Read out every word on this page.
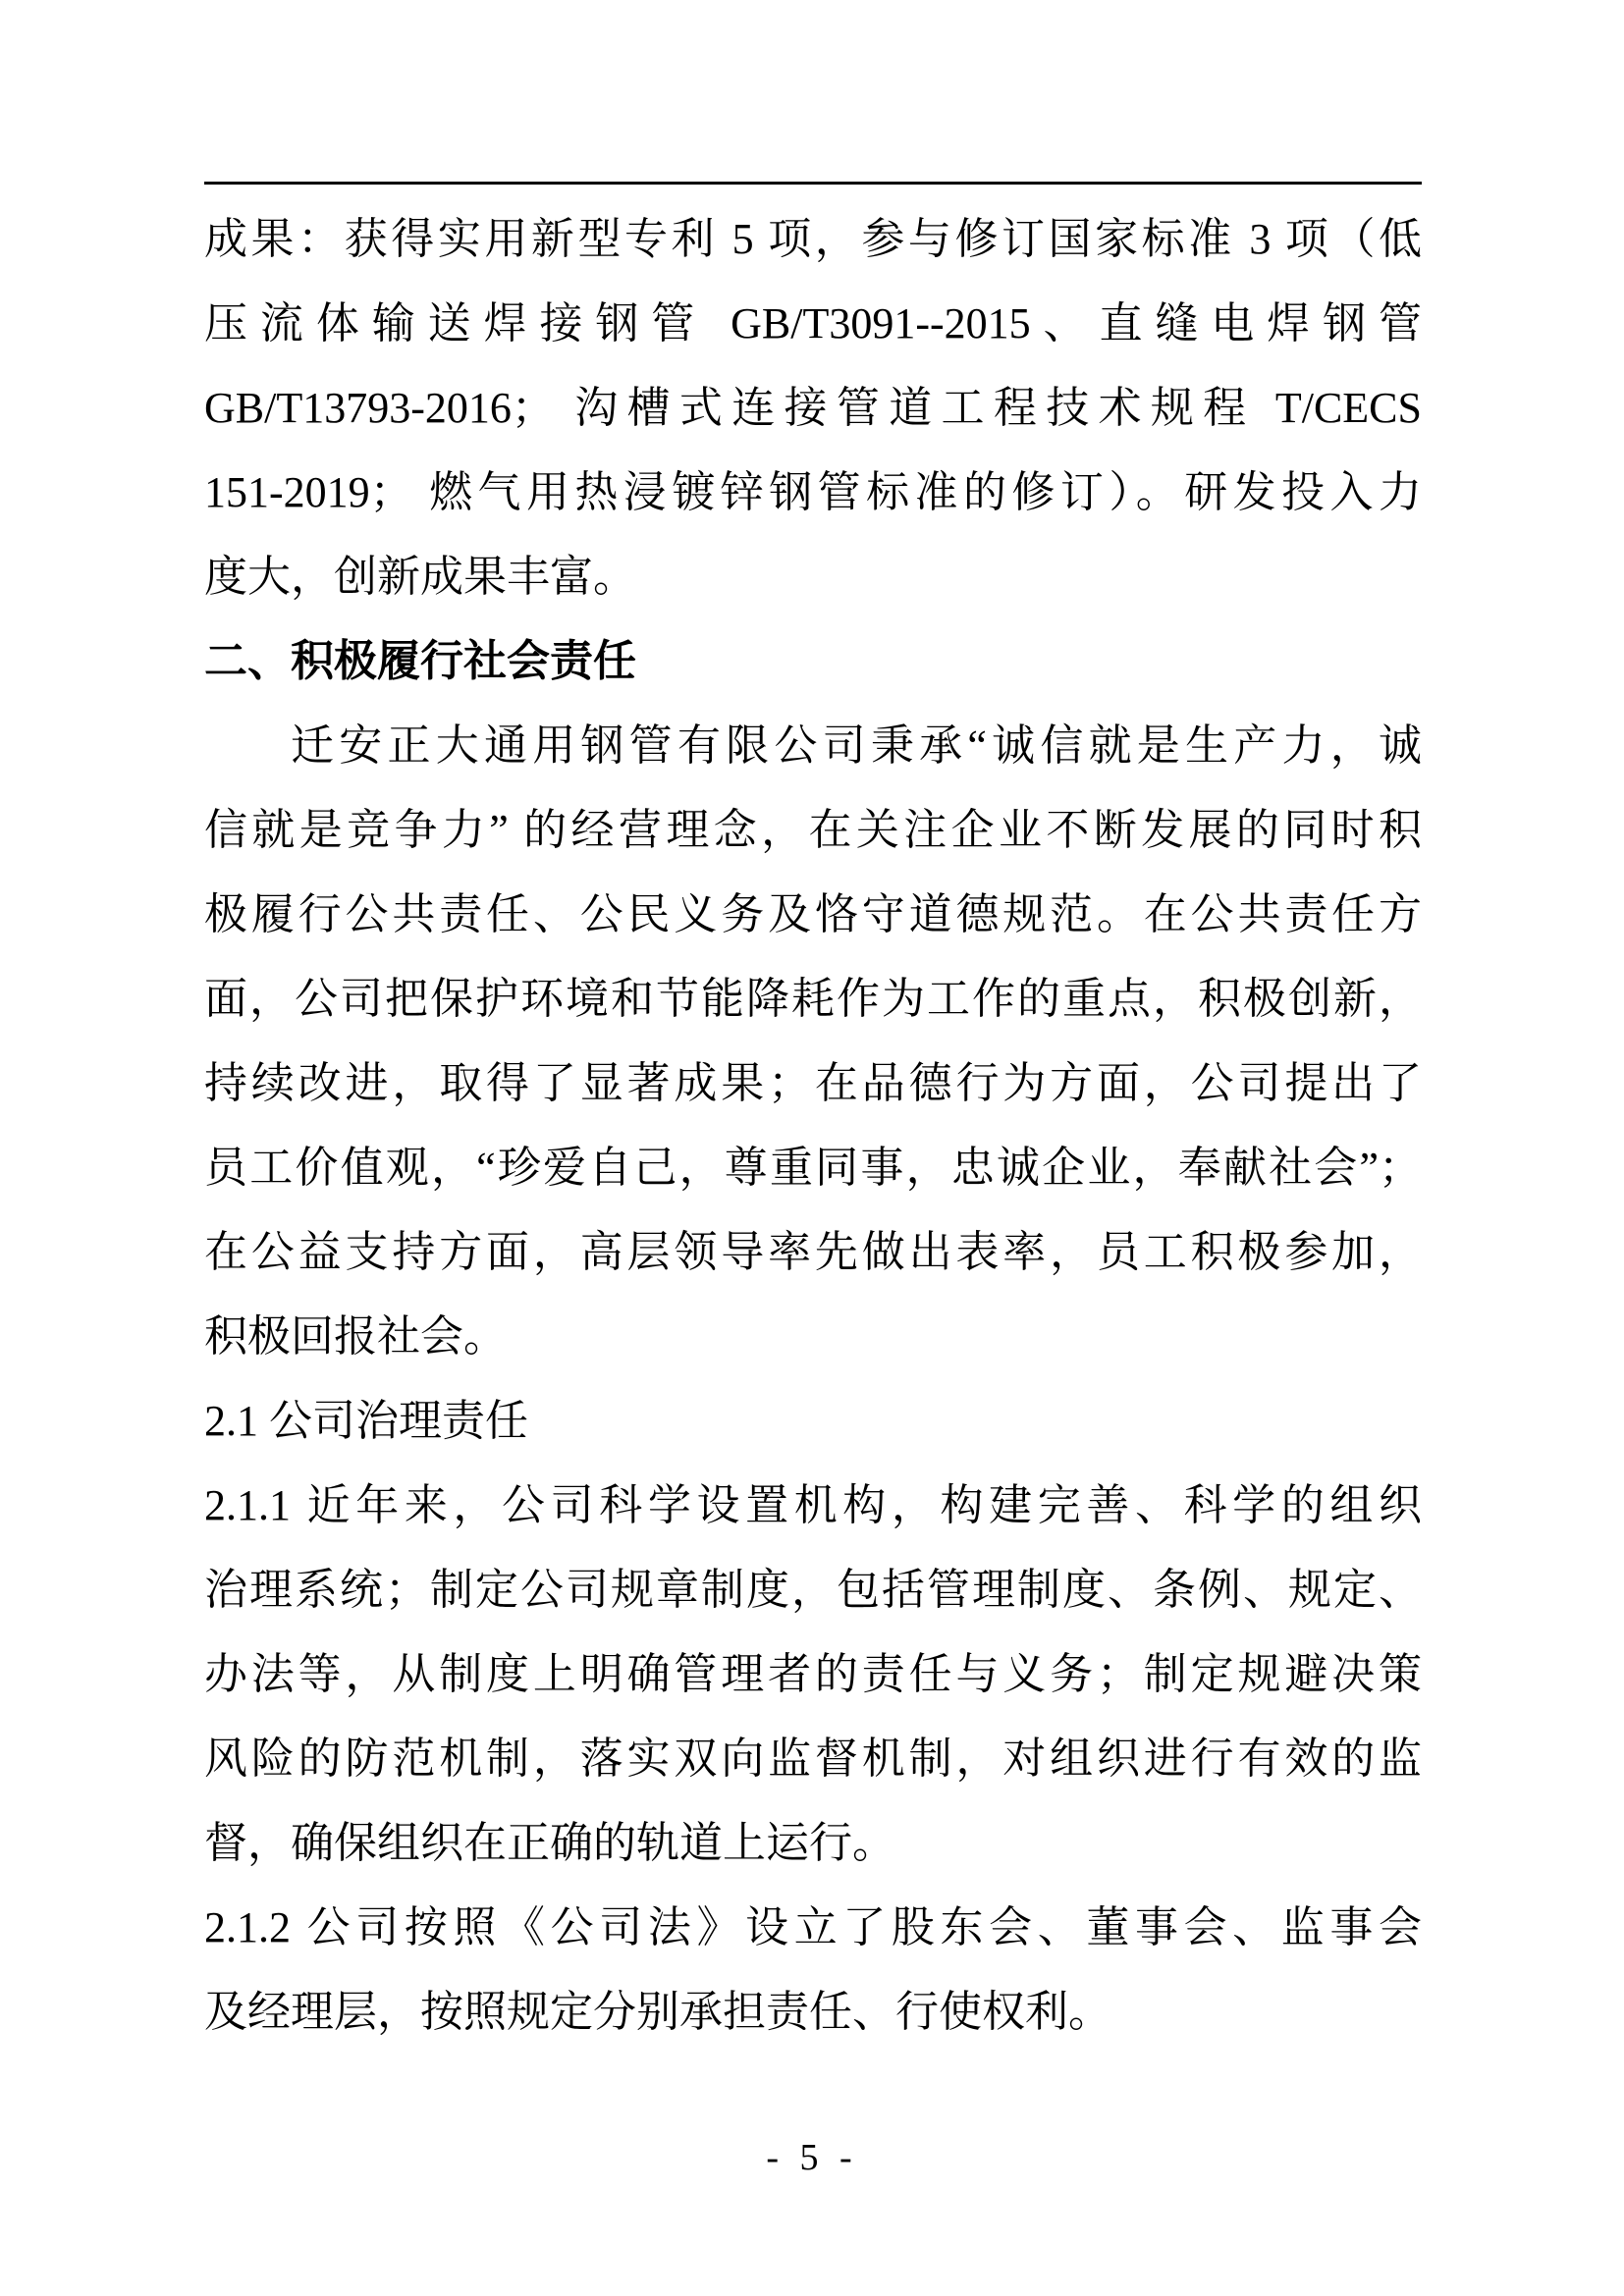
成果：获得实用新型专利 5 项，参与修订国家标准 3 项（低
压流体输送焊接钢管 GB/T3091--2015、直缝电焊钢管
GB/T13793-2016； 沟槽式连接管道工程技术规程 T/CECS
151-2019； 燃气用热浸镀锌钢管标准的修订）。研发投入力
度大，创新成果丰富。
二、积极履行社会责任
迁安正大通用钢管有限公司秉承“诚信就是生产力，诚
信就是竞争力” 的经营理念，在关注企业不断发展的同时积
极履行公共责任、公民义务及恪守道德规范。在公共责任方
面，公司把保护环境和节能降耗作为工作的重点，积极创新，
持续改进，取得了显著成果；在品德行为方面，公司提出了
员工价值观，“珍爱自己，尊重同事，忠诚企业，奉献社会”；
在公益支持方面，高层领导率先做出表率，员工积极参加，
积极回报社会。
2.1 公司治理责任
2.1.1 近年来，公司科学设置机构，构建完善、科学的组织
治理系统；制定公司规章制度，包括管理制度、条例、规定、
办法等，从制度上明确管理者的责任与义务；制定规避决策
风险的防范机制，落实双向监督机制，对组织进行有效的监
督，确保组织在正确的轨道上运行。
2.1.2 公司按照《公司法》设立了股东会、董事会、监事会
及经理层，按照规定分别承担责任、行使权利。
- 5 -
